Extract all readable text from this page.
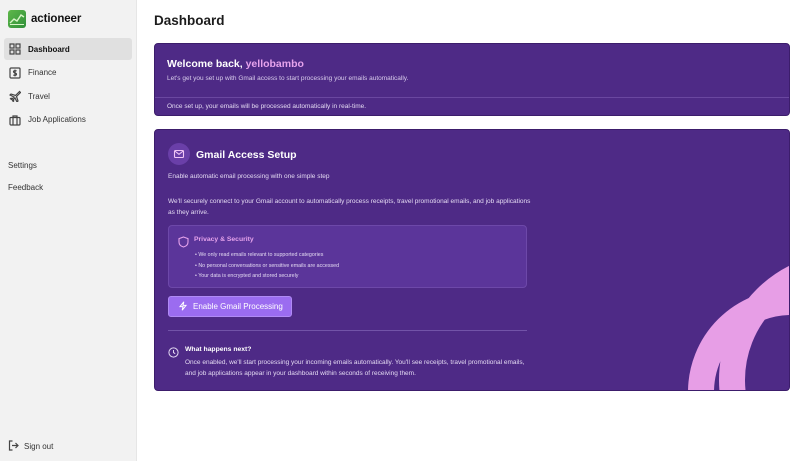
actioneer
Dashboard
Finance
Travel
Job Applications
Settings
Feedback
Sign out
Dashboard
Welcome back, yellobambo
Let's get you set up with Gmail access to start processing your emails automatically.
Once set up, your emails will be processed automatically in real-time.
Gmail Access Setup
Enable automatic email processing with one simple step
We'll securely connect to your Gmail account to automatically process receipts, travel promotional emails, and job applications as they arrive.
Privacy & Security
• We only read emails relevant to supported categories
• No personal conversations or sensitive emails are accessed
• Your data is encrypted and stored securely
Enable Gmail Processing
What happens next?
Once enabled, we'll start processing your incoming emails automatically. You'll see receipts, travel promotional emails, and job applications appear in your dashboard within seconds of receiving them.
